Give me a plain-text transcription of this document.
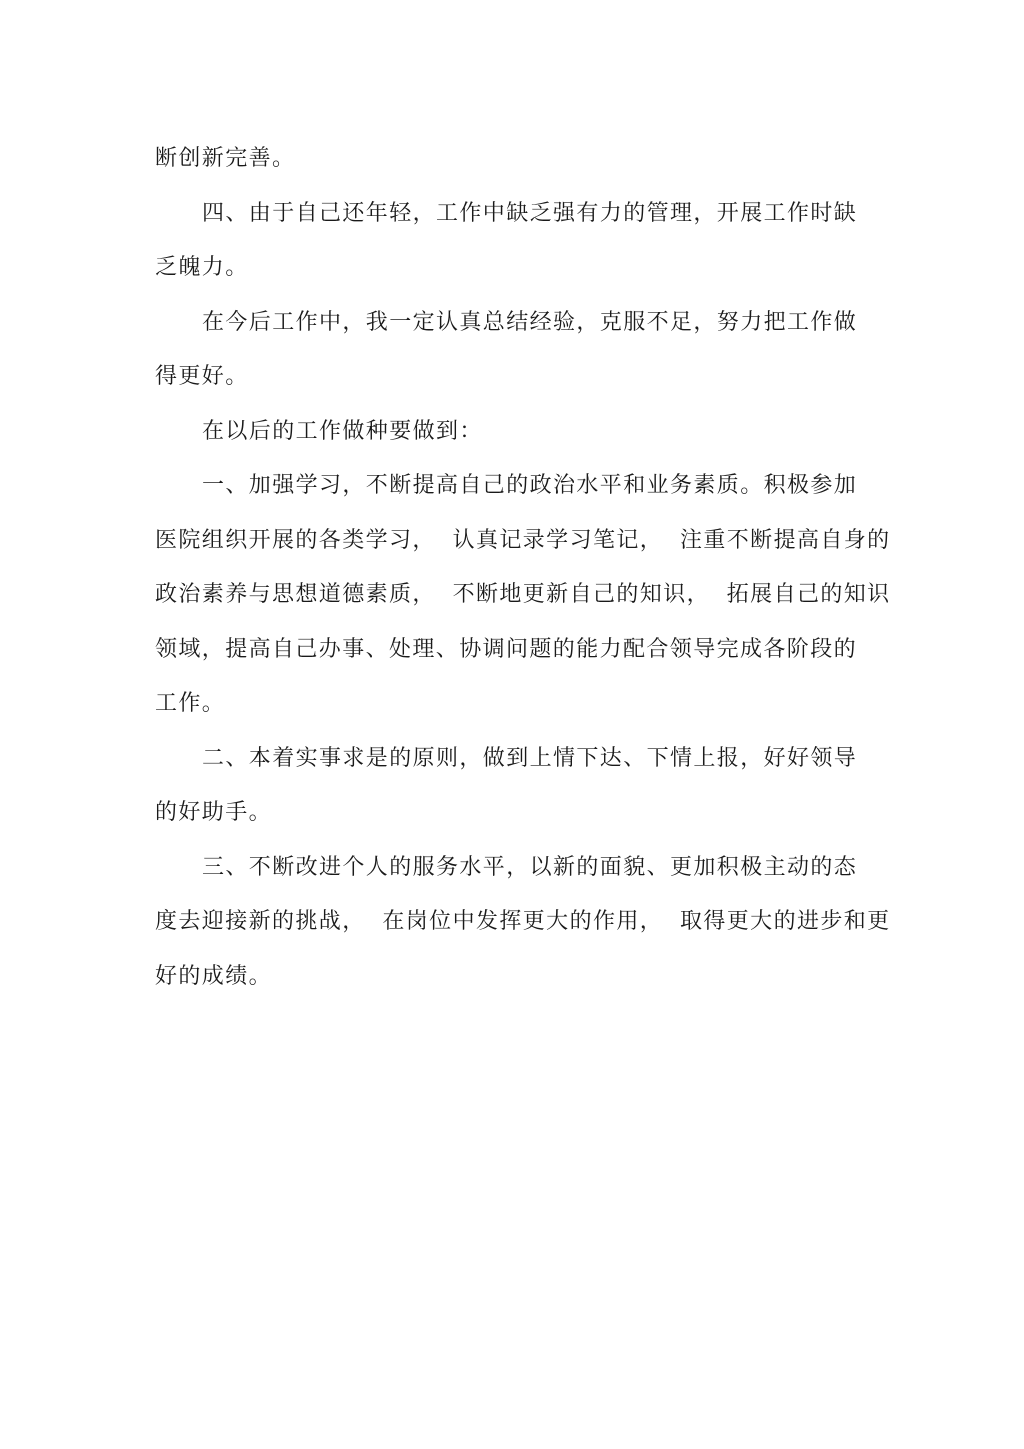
断创新完善。
四、由于自己还年轻，工作中缺乏强有力的管理，开展工作时缺
乏魄力。
在今后工作中，我一定认真总结经验，克服不足，努力把工作做
得更好。
在以后的工作做种要做到：
一、加强学习，不断提高自己的政治水平和业务素质。积极参加
医院组织开展的各类学习，  认真记录学习笔记，  注重不断提高自身的
政治素养与思想道德素质，  不断地更新自己的知识，  拓展自己的知识
领域，提高自己办事、处理、协调问题的能力配合领导完成各阶段的
工作。
二、本着实事求是的原则，做到上情下达、下情上报，好好领导
的好助手。
三、不断改进个人的服务水平，以新的面貌、更加积极主动的态
度去迎接新的挑战，  在岗位中发挥更大的作用，  取得更大的进步和更
好的成绩。
